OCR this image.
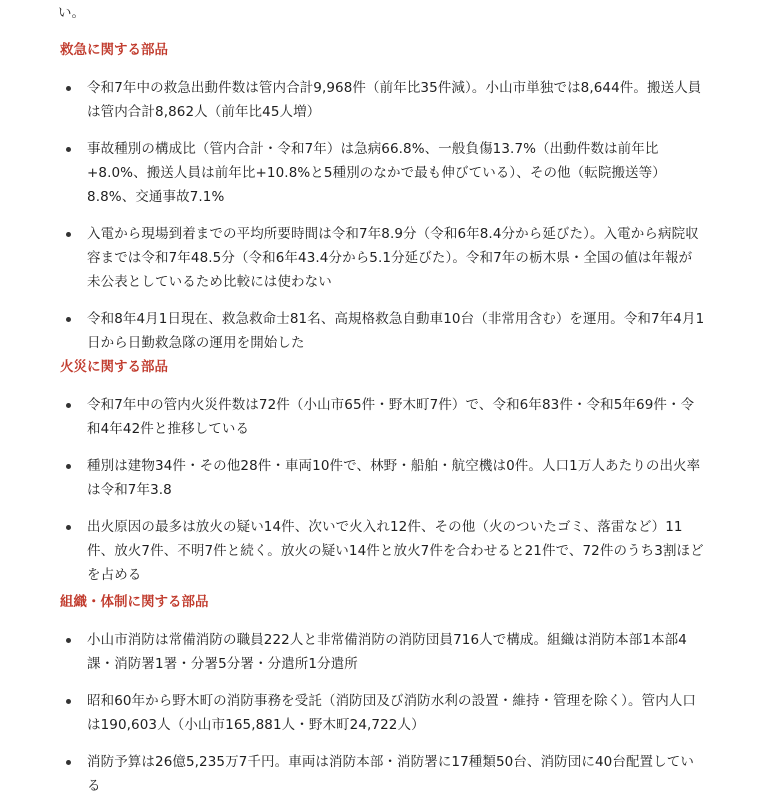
い。
救急に関する部品
令和7年中の救急出動件数は管内合計9,968件（前年比35件減）。小山市単独では8,644件。搬送人員は管内合計8,862人（前年比45人増）
事故種別の構成比（管内合計・令和7年）は急病66.8%、一般負傷13.7%（出動件数は前年比+8.0%、搬送人員は前年比+10.8%と5種別のなかで最も伸びている）、その他（転院搬送等）8.8%、交通事故7.1%
入電から現場到着までの平均所要時間は令和7年8.9分（令和6年8.4分から延びた）。入電から病院収容までは令和7年48.5分（令和6年43.4分から5.1分延びた）。令和7年の栃木県・全国の値は年報が未公表としているため比較には使わない
令和8年4月1日現在、救急救命士81名、高規格救急自動車10台（非常用含む）を運用。令和7年4月1日から日勤救急隊の運用を開始した
火災に関する部品
令和7年中の管内火災件数は72件（小山市65件・野木町7件）で、令和6年83件・令和5年69件・令和4年42件と推移している
種別は建物34件・その他28件・車両10件で、林野・船舶・航空機は0件。人口1万人あたりの出火率は令和7年3.8
出火原因の最多は放火の疑い14件、次いで火入れ12件、その他（火のついたゴミ、落雷など）11件、放火7件、不明7件と続く。放火の疑い14件と放火7件を合わせると21件で、72件のうち3割ほどを占める
組織・体制に関する部品
小山市消防は常備消防の職員222人と非常備消防の消防団員716人で構成。組織は消防本部1本部4課・消防署1署・分署5分署・分遣所1分遣所
昭和60年から野木町の消防事務を受託（消防団及び消防水利の設置・維持・管理を除く）。管内人口は190,603人（小山市165,881人・野木町24,722人）
消防予算は26億5,235万7千円。車両は消防本部・消防署に17種類50台、消防団に40台配置している
